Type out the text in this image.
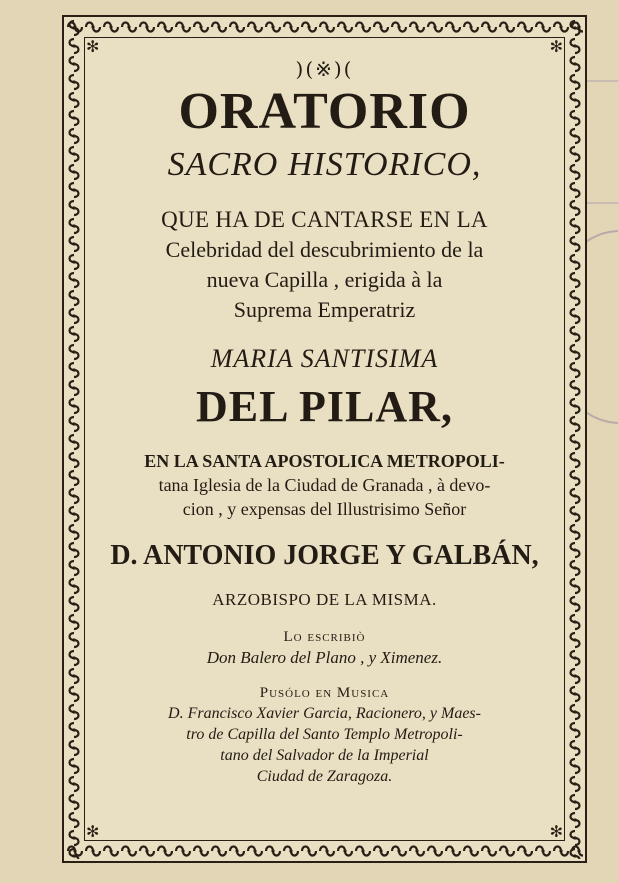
✻	✻
✻	✻
)(※)(
ORATORIO
SACRO HISTORICO,
QUE HA DE CANTARSE EN LA
Celebridad del descubrimiento de la
nueva Capilla , erigida à la
Suprema Emperatriz
MARIA SANTISIMA
DEL PILAR,
EN LA SANTA APOSTOLICA METROPOLI-
tana Iglesia de la Ciudad de Granada , à devo-
cion , y expensas del Illustrisimo Señor
D. ANTONIO JORGE Y GALBÁN,
ARZOBISPO DE LA MISMA.
Lo escribiò
Don Balero del Plano , y Ximenez.
Pusólo en Musica
D. Francisco Xavier Garcia, Racionero, y Maes-
tro de Capilla del Santo Templo Metropoli-
tano del Salvador de la Imperial
Ciudad de Zaragoza.
